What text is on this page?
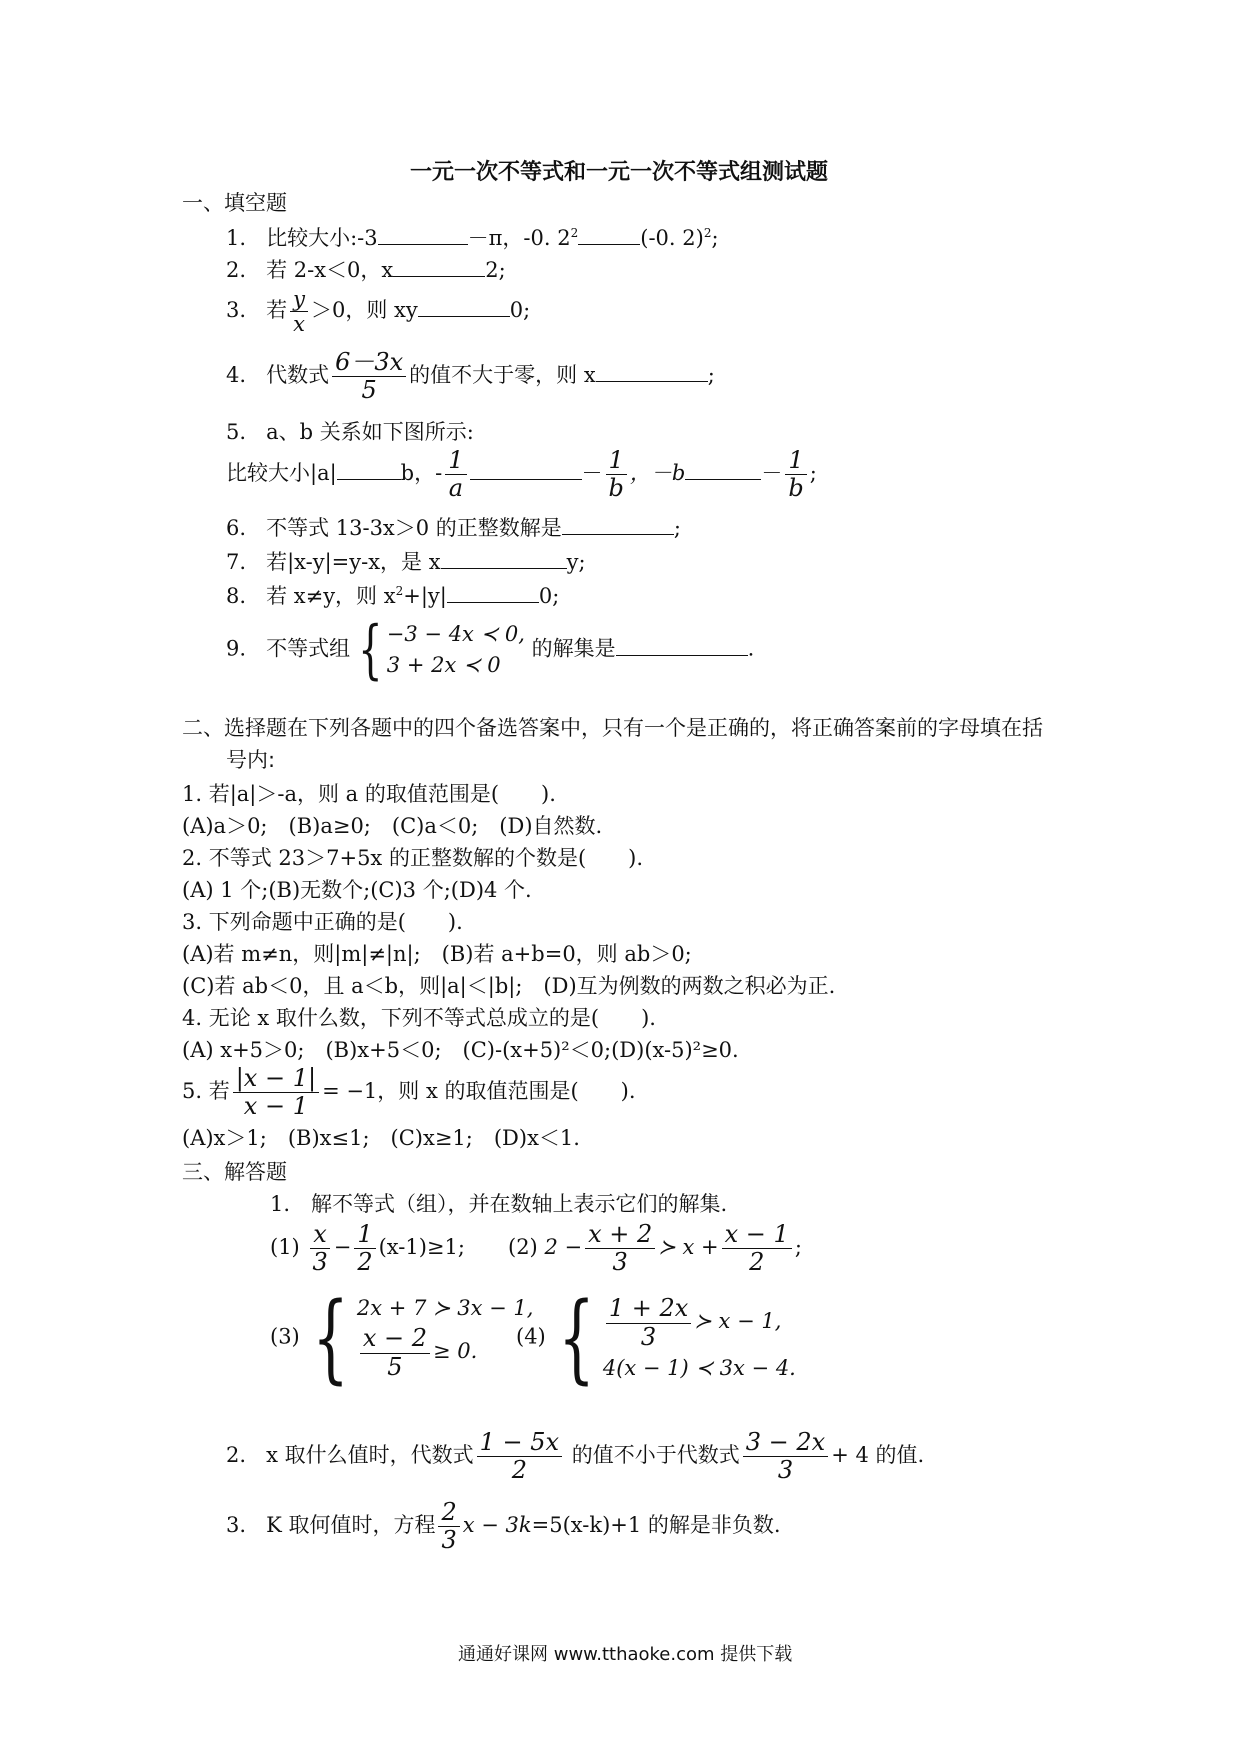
一元一次不等式和一元一次不等式组测试题
一、填空题
1. 比较大小:-3	－π，-0. $2^2$	(-0. 2)$^2$;
2. 若 2-x＜0，x	2;
3. 若 $\frac{y}{x} >0$，则 xy	0;
4. 代数式 $\frac{6-3x}{5}$ 的值不大于零，则 x	;
5. a、b 关系如下图所示:
比较大小|a|	b，- $\frac{1}{a}$	－ $\frac{1}{b}$ ，－b	－ $\frac{1}{b}$ ;
6. 不等式 13-3x＞0 的正整数解是	;
7. 若|x-y|=y-x，是 x	y;
8. 若 x≠y，则 $x^2+|y|$	0;
9. 不等式组 { −3 − 4x ≺ 0,
3 + 2x ≺ 0
的解集是	.
二、选择题在下列各题中的四个备选答案中，只有一个是正确的，将正确答案前的字母填在括
号内:
1. 若|a|＞-a，则 a 的取值范围是(　　).
(A)a＞0;　(B)a≥0;　(C)a＜0;　(D)自然数.
2. 不等式 23＞7+5x 的正整数解的个数是(　　).
(A) 1 个;(B)无数个;(C)3 个;(D)4 个.
3. 下列命题中正确的是(　　).
(A)若 m≠n，则|m|≠|n|;　(B)若 a+b=0，则 ab＞0;
(C)若 ab＜0，且 a＜b，则|a|＜|b|;　(D)互为例数的两数之积必为正.
4. 无论 x 取什么数，下列不等式总成立的是(　　).
(A) x+5＞0;　(B)x+5＜0;　(C)-(x+5)²＜0;(D)(x-5)²≥0.
5. 若 $\frac{|x - 1|}{x - 1} = -1$，则 x 的取值范围是(　　).
(A)x＞1;　(B)x≤1;　(C)x≥1;　(D)x＜1.
三、解答题
1.　解不等式（组），并在数轴上表示它们的解集.
$(1) \frac{x}{3} - \frac{1}{2} (x-1)\ge 1$; (2) $2 - \frac{x + 2}{3}$ ≻ $x + \frac{x - 1}{2}$ ;
(3) { 2x + 7 ≻ 3x − 1,
$\frac{x - 2}{5} \ge 0$.
(4) { $\frac{1 + 2x}{3}$ ≻ x − 1,
4(x − 1) ≺ 3x − 4.
2. x 取什么值时，代数式 $\frac{1 - 5x}{2}$ 的值不小于代数式 $\frac{3 - 2x}{3} + 4$ 的值.
3. K 取何值时，方程 $\frac{2}{3}$ x − 3k=5(x-k)+1 的解是非负数.
通通好课网 www.tthaoke.com 提供下载
